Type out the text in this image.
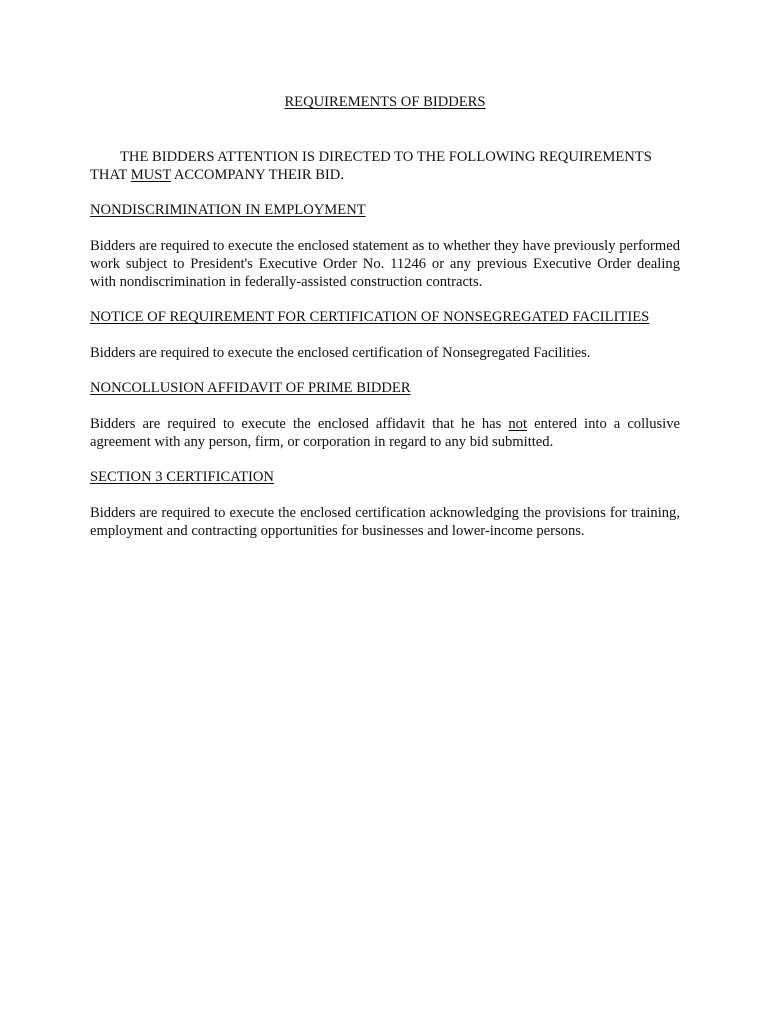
REQUIREMENTS OF BIDDERS
THE BIDDERS ATTENTION IS DIRECTED TO THE FOLLOWING REQUIREMENTS
THAT MUST ACCOMPANY THEIR BID.
NONDISCRIMINATION IN EMPLOYMENT
Bidders are required to execute the enclosed statement as to whether they have previously performed work subject to President's Executive Order No. 11246 or any previous Executive Order dealing with nondiscrimination in federally-assisted construction contracts.
NOTICE OF REQUIREMENT FOR CERTIFICATION OF NONSEGREGATED FACILITIES
Bidders are required to execute the enclosed certification of Nonsegregated Facilities.
NONCOLLUSION AFFIDAVIT OF PRIME BIDDER
Bidders are required to execute the enclosed affidavit that he has not entered into a collusive agreement with any person, firm, or corporation in regard to any bid submitted.
SECTION 3 CERTIFICATION
Bidders are required to execute the enclosed certification acknowledging the provisions for training, employment and contracting opportunities for businesses and lower-income persons.
